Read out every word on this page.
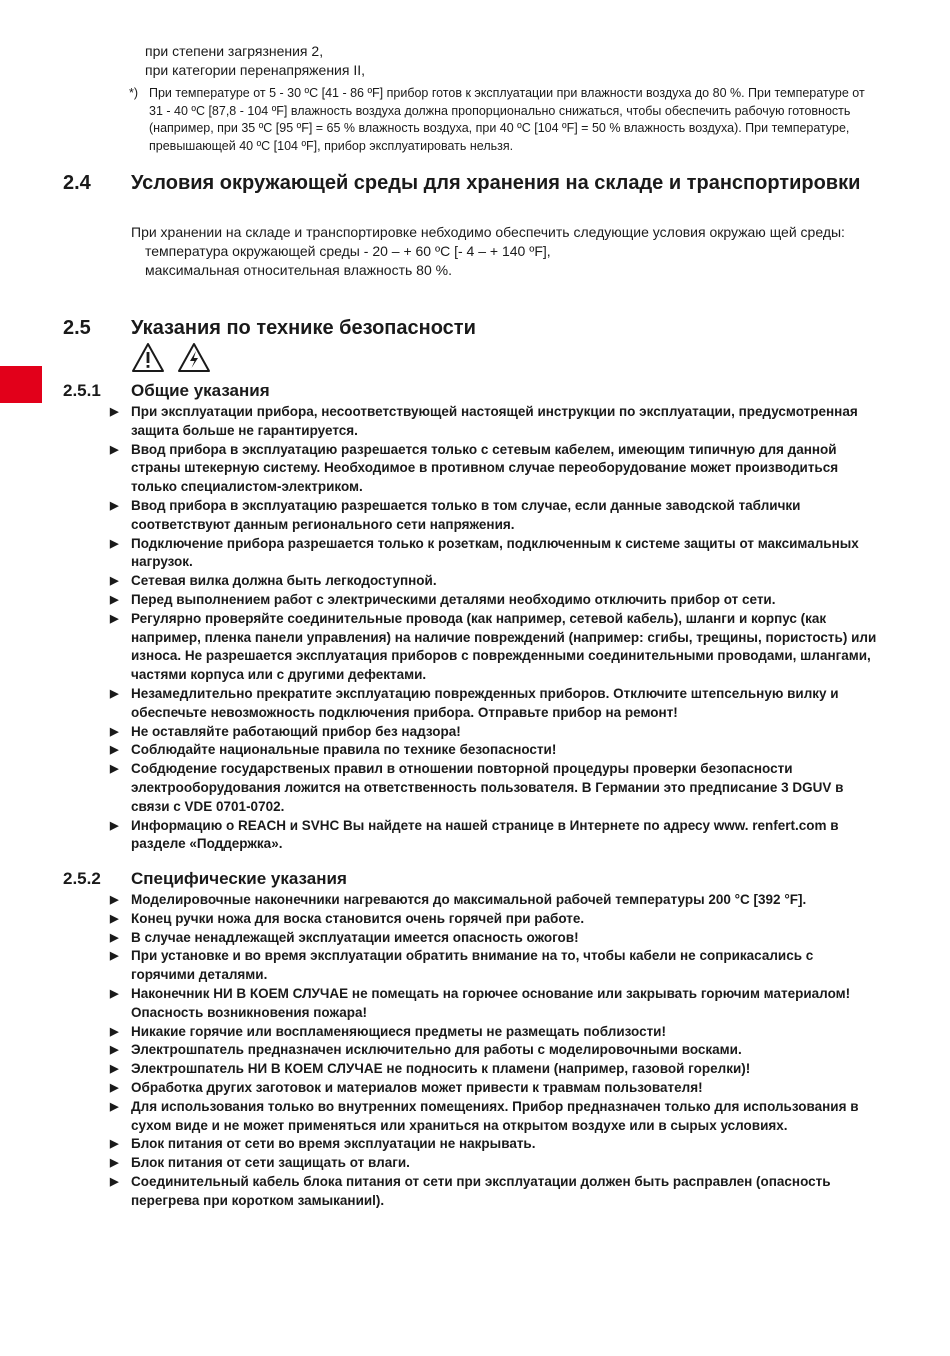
при степени загрязнения 2,
при категории перенапряжения II,
*) При температуре от 5 - 30 ºC [41 - 86 ºF] прибор готов к эксплуатации при влажности воздуха до 80 %. При температуре от 31 - 40 ºC [87,8 - 104 ºF] влажность воздуха должна пропорционально снижаться, чтобы обеспечить рабочую готовность (например, при 35 ºC [95 ºF] = 65 % влажность воздуха, при 40 ºC [104 ºF] = 50 % влажность воздуха). При температуре, превышающей 40 ºC [104 ºF], прибор эксплуатировать нельзя.
2.4 Условия окружающей среды для хранения на складе и транспортировки
При хранении на складе и транспортировке небходимо обеспечить следующие условия окружаю щей среды:
температура окружающей среды - 20 – + 60 ºC [- 4 – + 140 ºF],
максимальная относительная влажность 80 %.
2.5 Указания по технике безопасности
2.5.1 Общие указания
▶ При эксплуатации прибора, несоответствующей настоящей инструкции по эксплуатации, предусмотренная защита больше не гарантируется.
▶ Ввод прибора в эксплуатацию разрешается только с сетевым кабелем, имеющим типичную для данной страны штекерную систему. Необходимое в противном случае переоборудование может производиться только специалистом-электриком.
▶ Ввод прибора в эксплуатацию разрешается только в том случае, если данные заводской таблички соответствуют данным регионального сети напряжения.
▶ Подключение прибора разрешается только к розеткам, подключенным к системе защиты от максимальных нагрузок.
▶ Сетевая вилка должна быть легкодоступной.
▶ Перед выполнением работ с электрическими деталями необходимо отключить прибор от сети.
▶ Регулярно проверяйте соединительные провода (как например, сетевой кабель), шланги и корпус (как например, пленка панели управления) на наличие повреждений (например: сгибы, трещины, пористость) или износа. Не разрешается эксплуатация приборов с поврежденными соединительными проводами, шлангами, частями корпуса или с другими дефектами.
▶ Незамедлительно прекратите эксплуатацию поврежденных приборов. Отключите штепсельную вилку и обеспечьте невозможность подключения прибора. Отправьте прибор на ремонт!
▶ Не оставляйте работающий прибор без надзора!
▶ Соблюдайте национальные правила по технике безопасности!
▶ Собдюдение государственых правил в отношении повторной процедуры проверки безопасности электрооборудования ложится на ответственность пользователя. В Германии это предписание 3 DGUV в связи с VDE 0701-0702.
▶ Информацию о REACH и SVHC Вы найдете на нашей странице в Интернете по адресу www. renfert.com в разделе «Поддержка».
2.5.2 Специфические указания
▶ Моделировочные наконечники нагреваются до максимальной рабочей температуры 200 °C [392 °F].
▶ Конец ручки ножа для воска становится очень горячей при работе.
▶ В случае ненадлежащей эксплуатации имеется опасность ожогов!
▶ При установке и во время эксплуатации обратить внимание на то, чтобы кабели не соприкасались с горячими деталями.
▶ Наконечник НИ В КОЕМ СЛУЧАЕ не помещать на горючее основание или закрывать горючим материалом! Опасность возникновения пожара!
▶ Никакие горячие или воспламеняющиеся предметы не размещать поблизости!
▶ Электрошпатель предназначен исключительно для работы с моделировочными восками.
▶ Электрошпатель НИ В КОЕМ СЛУЧАЕ не подносить к пламени (например, газовой горелки)!
▶ Обработка других заготовок и материалов может привести к травмам пользователя!
▶ Для использования только во внутренних помещениях. Прибор предназначен только для использования в сухом виде и не может применяться или храниться на открытом воздухе или в сырых условиях.
▶ Блок питания от сети во время эксплуатации не накрывать.
▶ Блок питания от сети защищать от влаги.
▶ Соединительный кабель блока питания от сети при эксплуатации должен быть расправлен (опасность перегрева при коротком замыканииl).
